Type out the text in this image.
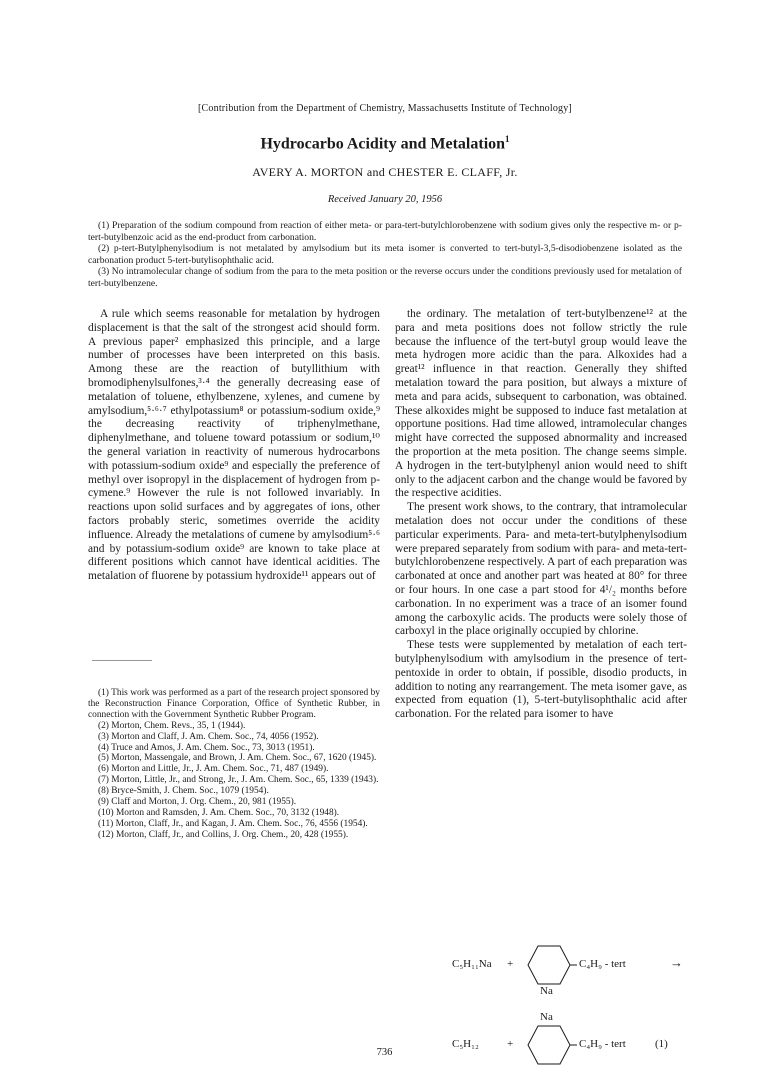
[Contribution from the Department of Chemistry, Massachusetts Institute of Technology]
Hydrocarbo Acidity and Metalation$^1$
AVERY A. MORTON and CHESTER E. CLAFF, Jr.
Received January 20, 1956

(1) Preparation of the sodium compound from reaction of either meta- or para-tert-butylchlorobenzene with sodium gives only the respective m- or p-tert-butylbenzoic acid as the end-product from carbonation.

(2) p-tert-Butylphenylsodium is not metalated by amylsodium but its meta isomer is converted to tert-butyl-3,5-disodiobenzene isolated as the carbonation product 5-tert-butylisophthalic acid.

(3) No intramolecular change of sodium from the para to the meta position or the reverse occurs under the conditions previously used for metalation of tert-butylbenzene.

A rule which seems reasonable for metalation by hydrogen displacement is that the salt of the strongest acid should form. A previous paper² emphasized this principle, and a large number of processes have been interpreted on this basis. Among these are the reaction of butyllithium with bromodiphenylsulfones,³·⁴ the generally decreasing ease of metalation of toluene, ethylbenzene, xylenes, and cumene by amylsodium,⁵·⁶·⁷ ethylpotassium⁸ or potassium-sodium oxide,⁹ the decreasing reactivity of triphenylmethane, diphenylmethane, and toluene toward potassium or sodium,¹⁰ the general variation in reactivity of numerous hydrocarbons with potassium-sodium oxide⁹ and especially the preference of methyl over isopropyl in the displacement of hydrogen from p-cymene.⁹ However the rule is not followed invariably. In reactions upon solid surfaces and by aggregates of ions, other factors probably steric, sometimes override the acidity influence. Already the metalations of cumene by amylsodium⁵·⁶ and by potassium-sodium oxide⁹ are known to take place at different positions which cannot have identical acidities. The metalation of fluorene by potassium hydroxide¹¹ appears out of

(1) This work was performed as a part of the research project sponsored by the Reconstruction Finance Corporation, Office of Synthetic Rubber, in connection with the Government Synthetic Rubber Program.

(2) Morton, Chem. Revs., 35, 1 (1944).

(3) Morton and Claff, J. Am. Chem. Soc., 74, 4056 (1952).

(4) Truce and Amos, J. Am. Chem. Soc., 73, 3013 (1951).

(5) Morton, Massengale, and Brown, J. Am. Chem. Soc., 67, 1620 (1945).

(6) Morton and Little, Jr., J. Am. Chem. Soc., 71, 487 (1949).

(7) Morton, Little, Jr., and Strong, Jr., J. Am. Chem. Soc., 65, 1339 (1943).

(8) Bryce-Smith, J. Chem. Soc., 1079 (1954).

(9) Claff and Morton, J. Org. Chem., 20, 981 (1955).

(10) Morton and Ramsden, J. Am. Chem. Soc., 70, 3132 (1948).

(11) Morton, Claff, Jr., and Kagan, J. Am. Chem. Soc., 76, 4556 (1954).

(12) Morton, Claff, Jr., and Collins, J. Org. Chem., 20, 428 (1955).

the ordinary. The metalation of tert-butylbenzene¹² at the para and meta positions does not follow strictly the rule because the influence of the tert-butyl group would leave the meta hydrogen more acidic than the para. Alkoxides had a great¹² influence in that reaction. Generally they shifted metalation toward the para position, but always a mixture of meta and para acids, subsequent to carbonation, was obtained. These alkoxides might be supposed to induce fast metalation at opportune positions. Had time allowed, intramolecular changes might have corrected the supposed abnormality and increased the proportion at the meta position. The change seems simple. A hydrogen in the tert-butylphenyl anion would need to shift only to the adjacent carbon and the change would be favored by the respective acidities.

The present work shows, to the contrary, that intramolecular metalation does not occur under the conditions of these particular experiments. Para- and meta-tert-butylphenylsodium were prepared separately from sodium with para- and meta-tert-butylchlorobenzene respectively. A part of each preparation was carbonated at once and another part was heated at 80° for three or four hours. In one case a part stood for 4¹/₂ months before carbonation. In no experiment was a trace of an isomer found among the carboxylic acids. The products were solely those of carboxyl in the place originally occupied by chlorine.

These tests were supplemented by metalation of each tert-butylphenylsodium with amylsodium in the presence of tert-pentoxide in order to obtain, if possible, disodio products, in addition to noting any rearrangement. The meta isomer gave, as expected from equation (1), 5-tert-butylisophthalic acid after carbonation. For the related para isomer to have

C₅H₁₁Na +	C₄H₉ - tert	→
Na
Na
C₅H₁₂	+	C₄H₉ - tert	(1)
736
